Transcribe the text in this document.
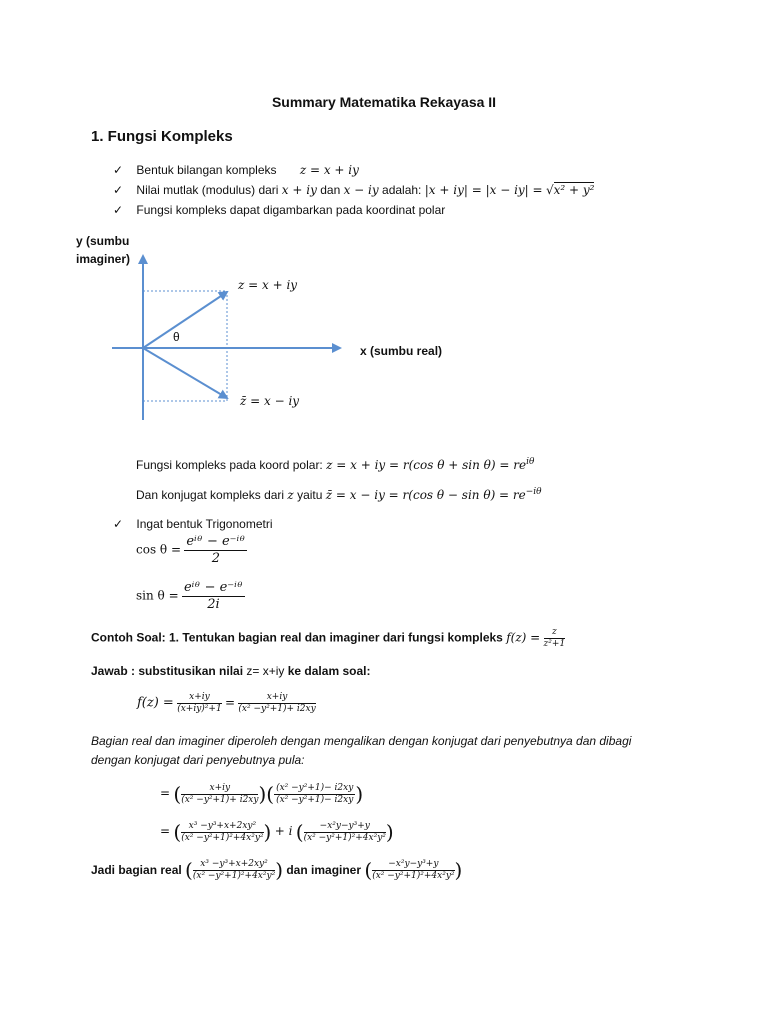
Summary Matematika Rekayasa II
1. Fungsi Kompleks
✓ Bentuk bilangan kompleks z = x + iy
✓ Nilai mutlak (modulus) dari x + iy dan x − iy adalah: |x + iy| = |x − iy| = √x² + y²
✓ Fungsi kompleks dapat digambarkan pada koordinat polar
y (sumbu
imaginer)
θ
z = x + iy
z̄ = x − iy
x (sumbu real)
Fungsi kompleks pada koord polar: z = x + iy = r(cos $\theta + \sin \theta) = re^{i\theta}$
Dan konjugat kompleks dari z yaitu z̄ = x − iy = r(cos $\theta - \sin \theta) = re^{-i\theta}$
✓ Ingat bentuk Trigonometri
cos θ =
eⁱᶿ − e⁻ⁱᶿ
2
sin θ =
eⁱᶿ − e⁻ⁱᶿ
2i
Contoh Soal: 1. Tentukan bagian real dan imaginer dari fungsi kompleks $f(z) = \frac{z}{\text{z²+1}}$
Jawab : substitusikan nilai z= x+iy ke dalam soal:
$f(z) = \frac{x+iy}{\text{(x+iy)²+1}} = \frac{x+iy}{\text{(x² −y²+1)+ i2xy}}$
Bagian real dan imaginer diperoleh dengan mengalikan dengan konjugat dari penyebutnya dan dibagi
dengan konjugat dari penyebutnya pula:
= ( $\frac{x+iy}{\text{(x² −y²+1)+ i2xy}}$ )( $\frac{\text{(x² −y²+1)− i2xy}}{\text{(x² −y²+1)− i2xy}}$ )
= ( $\frac{\text{x³ −y³+x+2xy²}}{\text{(x² −y²+1)²+4x²y²}}$ ) + i ( $\frac{\text{−x²y−y³+y}}{\text{(x² −y²+1)²+4x²y²}}$ )
Jadi bagian real ( $\frac{\text{x³ −y³+x+2xy²}}{\text{(x² −y²+1)²+4x²y²}}$ ) dan imaginer ( $\frac{\text{−x²y−y³+y}}{\text{(x² −y²+1)²+4x²y²}}$ )
